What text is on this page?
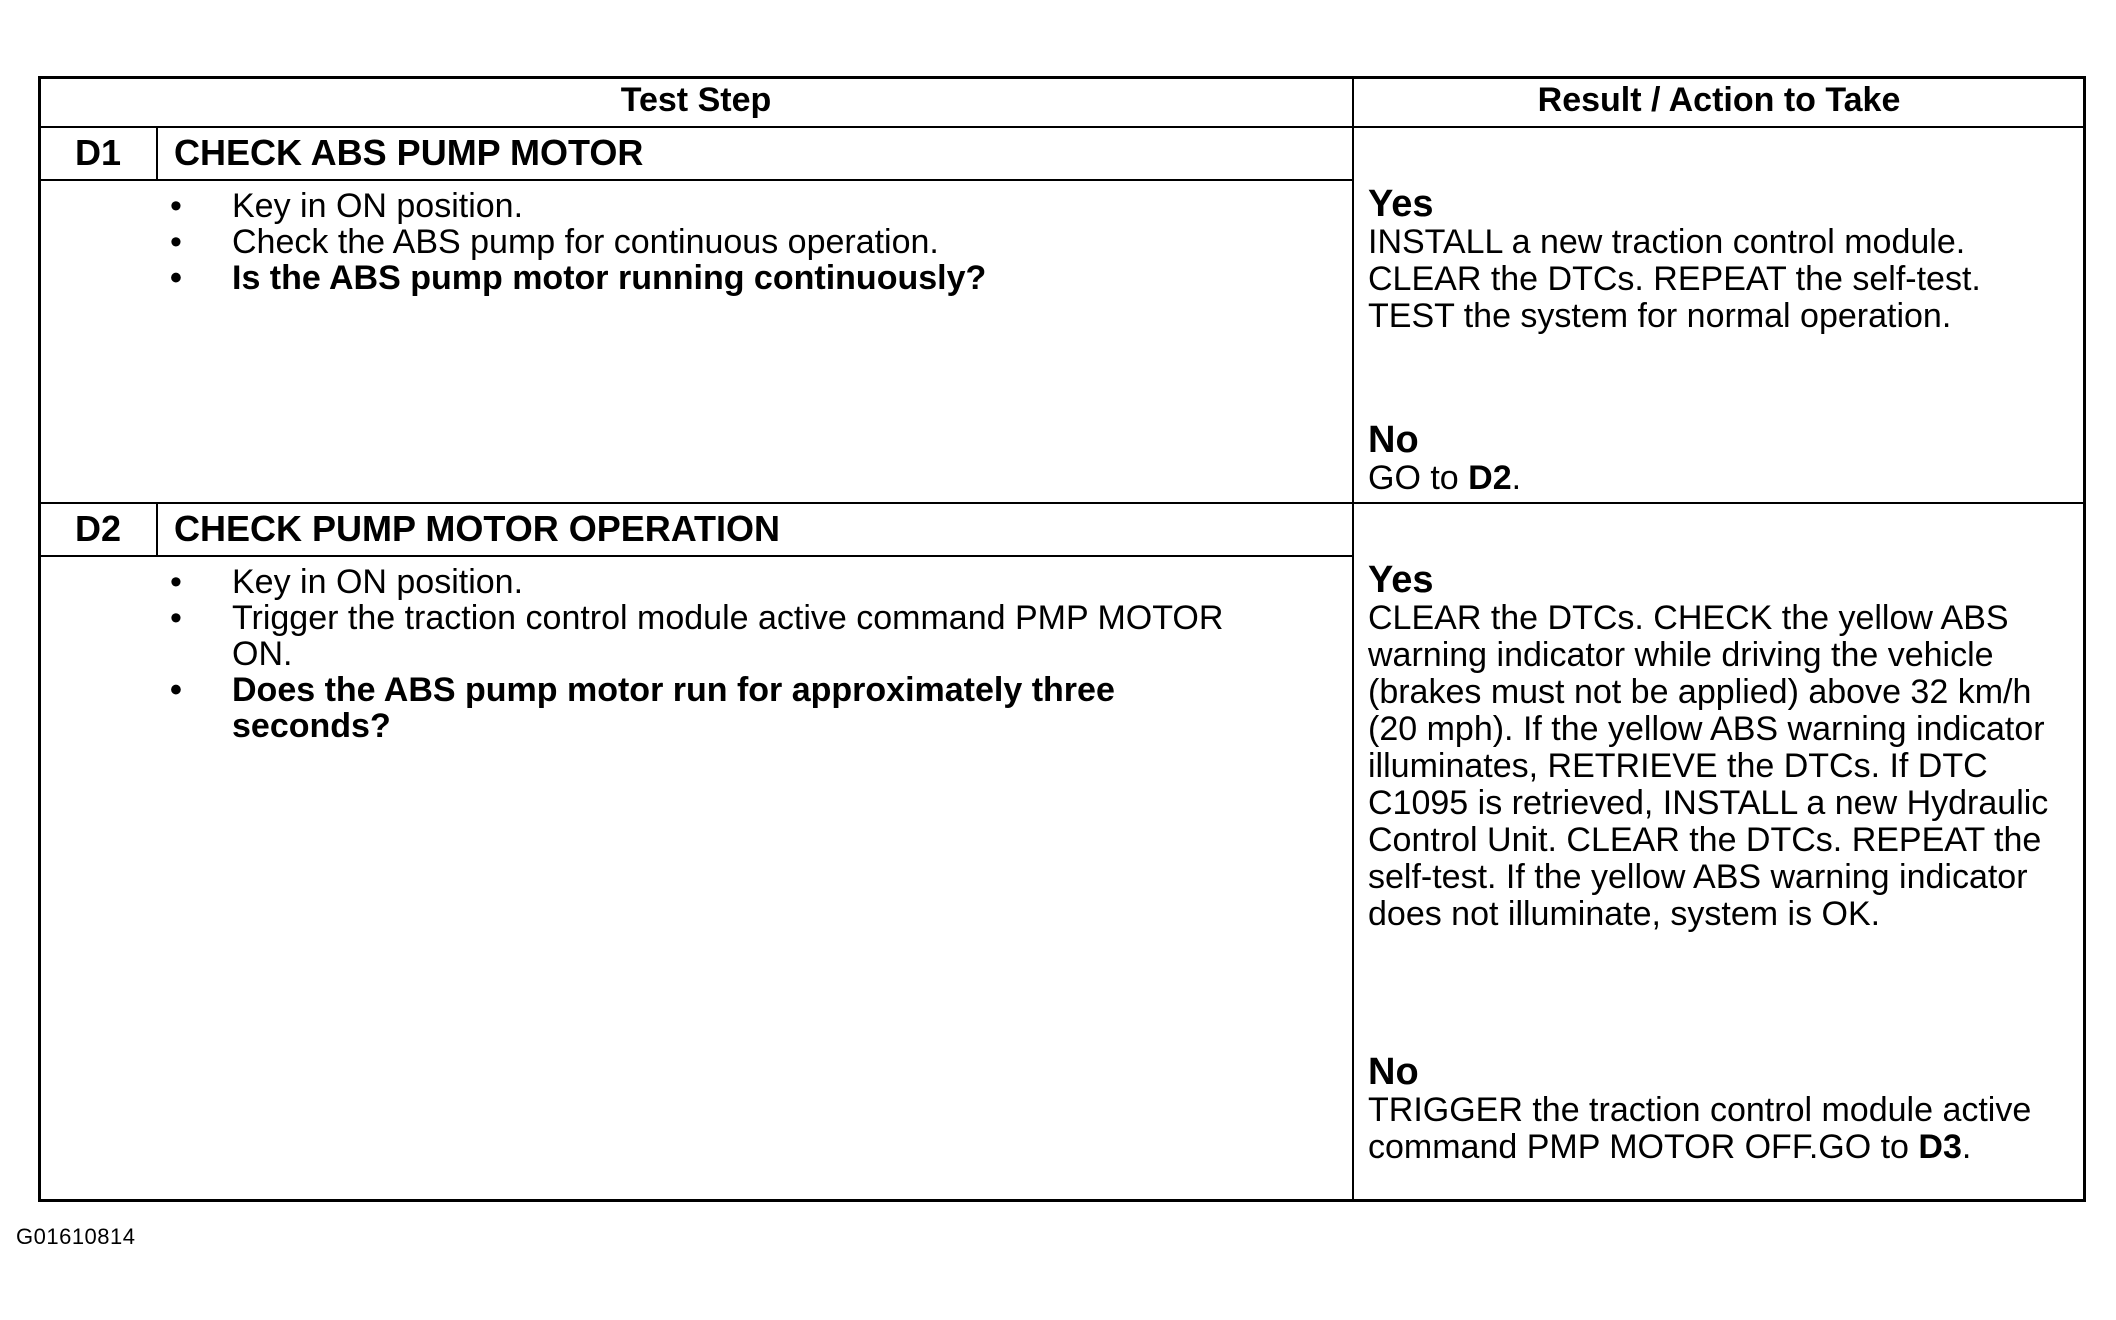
Test Step	Result / Action to Take
D1	CHECK ABS PUMP MOTOR
•	Key in ON position.
•	Check the ABS pump for continuous operation.
•	Is the ABS pump motor running continuously?
Yes
INSTALL a new traction control module. CLEAR the DTCs. REPEAT the self-test. TEST the system for normal operation.
No
GO to D2.
D2	CHECK PUMP MOTOR OPERATION
•	Key in ON position.
•	Trigger the traction control module active command PMP MOTOR ON.
•	Does the ABS pump motor run for approximately three seconds?
Yes
CLEAR the DTCs. CHECK the yellow ABS warning indicator while driving the vehicle (brakes must not be applied) above 32 km/h (20 mph). If the yellow ABS warning indicator illuminates, RETRIEVE the DTCs. If DTC C1095 is retrieved, INSTALL a new Hydraulic Control Unit. CLEAR the DTCs. REPEAT the self-test. If the yellow ABS warning indicator does not illuminate, system is OK.
No
TRIGGER the traction control module active command PMP MOTOR OFF.GO to D3.
G01610814
